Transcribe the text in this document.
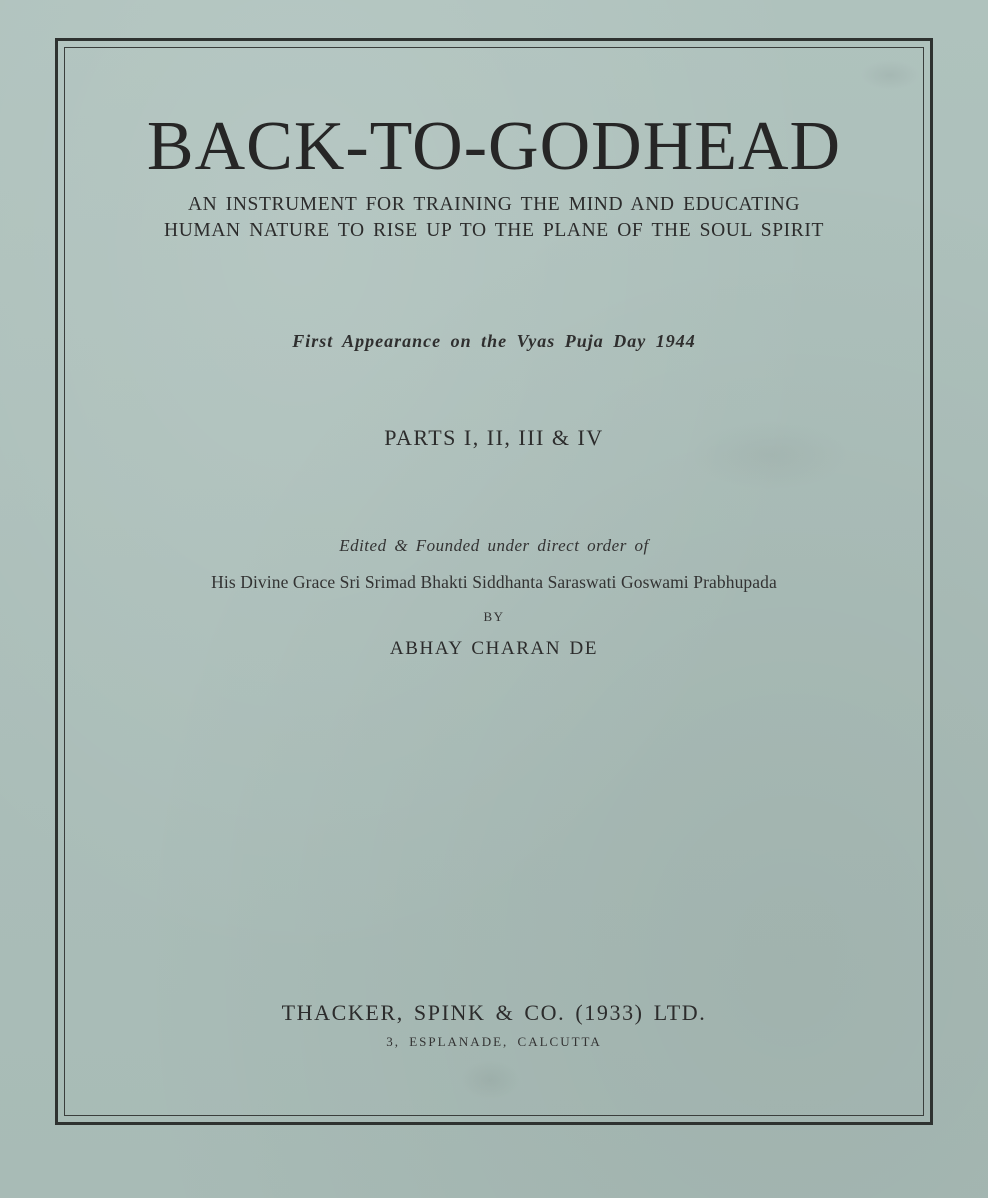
BACK-TO-GODHEAD

AN INSTRUMENT FOR TRAINING THE MIND AND EDUCATING

HUMAN NATURE TO RISE UP TO THE PLANE OF THE SOUL SPIRIT

First Appearance on the Vyas Puja Day 1944

PARTS I, II, III & IV

Edited & Founded under direct order of

His Divine Grace Sri Srimad Bhakti Siddhanta Saraswati Goswami Prabhupada

BY

ABHAY CHARAN DE

THACKER, SPINK & CO. (1933) LTD.

3, ESPLANADE, CALCUTTA
